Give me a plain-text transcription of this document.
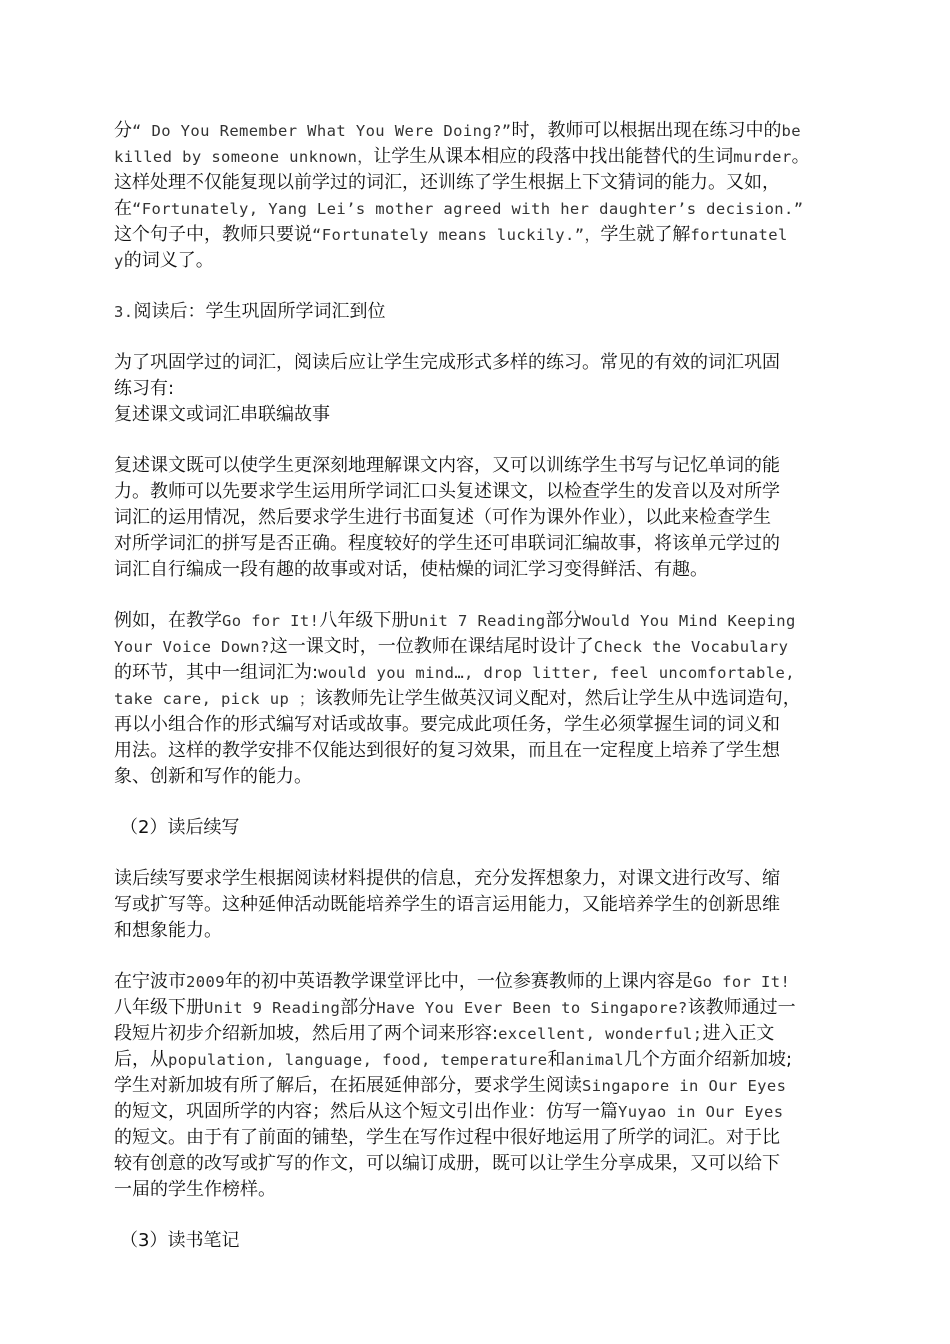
分“ Do You Remember What You Were Doing?”时，教师可以根据出现在练习中的be
killed by someone unknown，让学生从课本相应的段落中找出能替代的生词murder。
这样处理不仅能复现以前学过的词汇，还训练了学生根据上下文猜词的能力。又如，
在“Fortunately, Yang Lei’s mother agreed with her daughter’s decision.”
这个句子中，教师只要说“Fortunately means luckily.”，学生就了解fortunatel
y的词义了。
3.阅读后：学生巩固所学词汇到位
为了巩固学过的词汇，阅读后应让学生完成形式多样的练习。常见的有效的词汇巩固
练习有:
复述课文或词汇串联编故事
复述课文既可以使学生更深刻地理解课文内容，又可以训练学生书写与记忆单词的能
力。教师可以先要求学生运用所学词汇口头复述课文，以检查学生的发音以及对所学
词汇的运用情况，然后要求学生进行书面复述（可作为课外作业），以此来检查学生
对所学词汇的拼写是否正确。程度较好的学生还可串联词汇编故事，将该单元学过的
词汇自行编成一段有趣的故事或对话，使枯燥的词汇学习变得鲜活、有趣。
例如，在教学Go for It!八年级下册Unit 7 Reading部分Would You Mind Keeping
Your Voice Down?这一课文时，一位教师在课结尾时设计了Check the Vocabulary
的环节，其中一组词汇为:would you mind…, drop litter, feel uncomfortable,
take care, pick up ；该教师先让学生做英汉词义配对，然后让学生从中选词造句，
再以小组合作的形式编写对话或故事。要完成此项任务，学生必须掌握生词的词义和
用法。这样的教学安排不仅能达到很好的复习效果，而且在一定程度上培养了学生想
象、创新和写作的能力。
（2）读后续写
读后续写要求学生根据阅读材料提供的信息，充分发挥想象力，对课文进行改写、缩
写或扩写等。这种延伸活动既能培养学生的语言运用能力，又能培养学生的创新思维
和想象能力。
在宁波市2009年的初中英语教学课堂评比中，一位参赛教师的上课内容是Go for It!
八年级下册Unit 9 Reading部分Have You Ever Been to Singapore?该教师通过一
段短片初步介绍新加坡，然后用了两个词来形容:excellent, wonderful;进入正文
后，从population, language, food, temperature和animal几个方面介绍新加坡;
学生对新加坡有所了解后，在拓展延伸部分，要求学生阅读Singapore in Our Eyes
的短文，巩固所学的内容；然后从这个短文引出作业：仿写一篇Yuyao in Our Eyes
的短文。由于有了前面的铺垫，学生在写作过程中很好地运用了所学的词汇。对于比
较有创意的改写或扩写的作文，可以编订成册，既可以让学生分享成果，又可以给下
一届的学生作榜样。
（3）读书笔记
